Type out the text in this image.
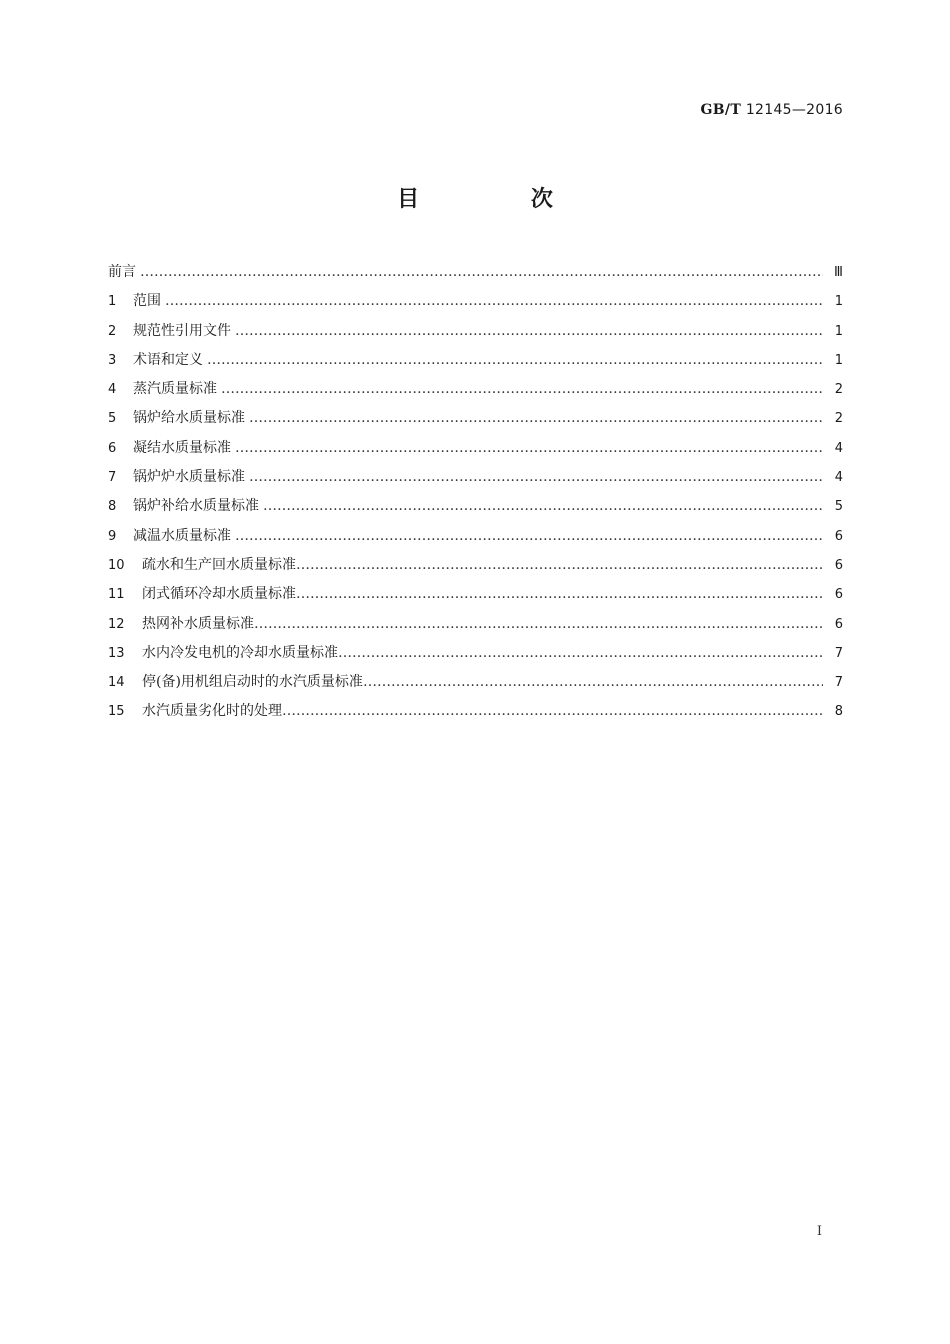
GB/T 12145—2016
目 次
前言 ………………………………………………………………………………………………………………………………………………………………………………………………………………………………………………	Ⅲ
1	范围 ………………………………………………………………………………………………………………………………………………………………………………………………………………………………………………	1
2	规范性引用文件 ………………………………………………………………………………………………………………………………………………………………………………………………………………………………………………	1
3	术语和定义 ………………………………………………………………………………………………………………………………………………………………………………………………………………………………………………	1
4	蒸汽质量标准 ………………………………………………………………………………………………………………………………………………………………………………………………………………………………………………	2
5	锅炉给水质量标准 ………………………………………………………………………………………………………………………………………………………………………………………………………………………………………………	2
6	凝结水质量标准 ………………………………………………………………………………………………………………………………………………………………………………………………………………………………………………	4
7	锅炉炉水质量标准 ………………………………………………………………………………………………………………………………………………………………………………………………………………………………………………	4
8	锅炉补给水质量标准 ………………………………………………………………………………………………………………………………………………………………………………………………………………………………………………	5
9	减温水质量标准 ………………………………………………………………………………………………………………………………………………………………………………………………………………………………………………	6
10	疏水和生产回水质量标准 ………………………………………………………………………………………………………………………………………………………………………………………………………………………………………………	6
11	闭式循环冷却水质量标准 ………………………………………………………………………………………………………………………………………………………………………………………………………………………………………………	6
12	热网补水质量标准 ………………………………………………………………………………………………………………………………………………………………………………………………………………………………………………	6
13	水内冷发电机的冷却水质量标准 ………………………………………………………………………………………………………………………………………………………………………………………………………………………………………………	7
14	停(备)用机组启动时的水汽质量标准 ………………………………………………………………………………………………………………………………………………………………………………………………………………………………………………	7
15	水汽质量劣化时的处理 ………………………………………………………………………………………………………………………………………………………………………………………………………………………………………………	8
I
